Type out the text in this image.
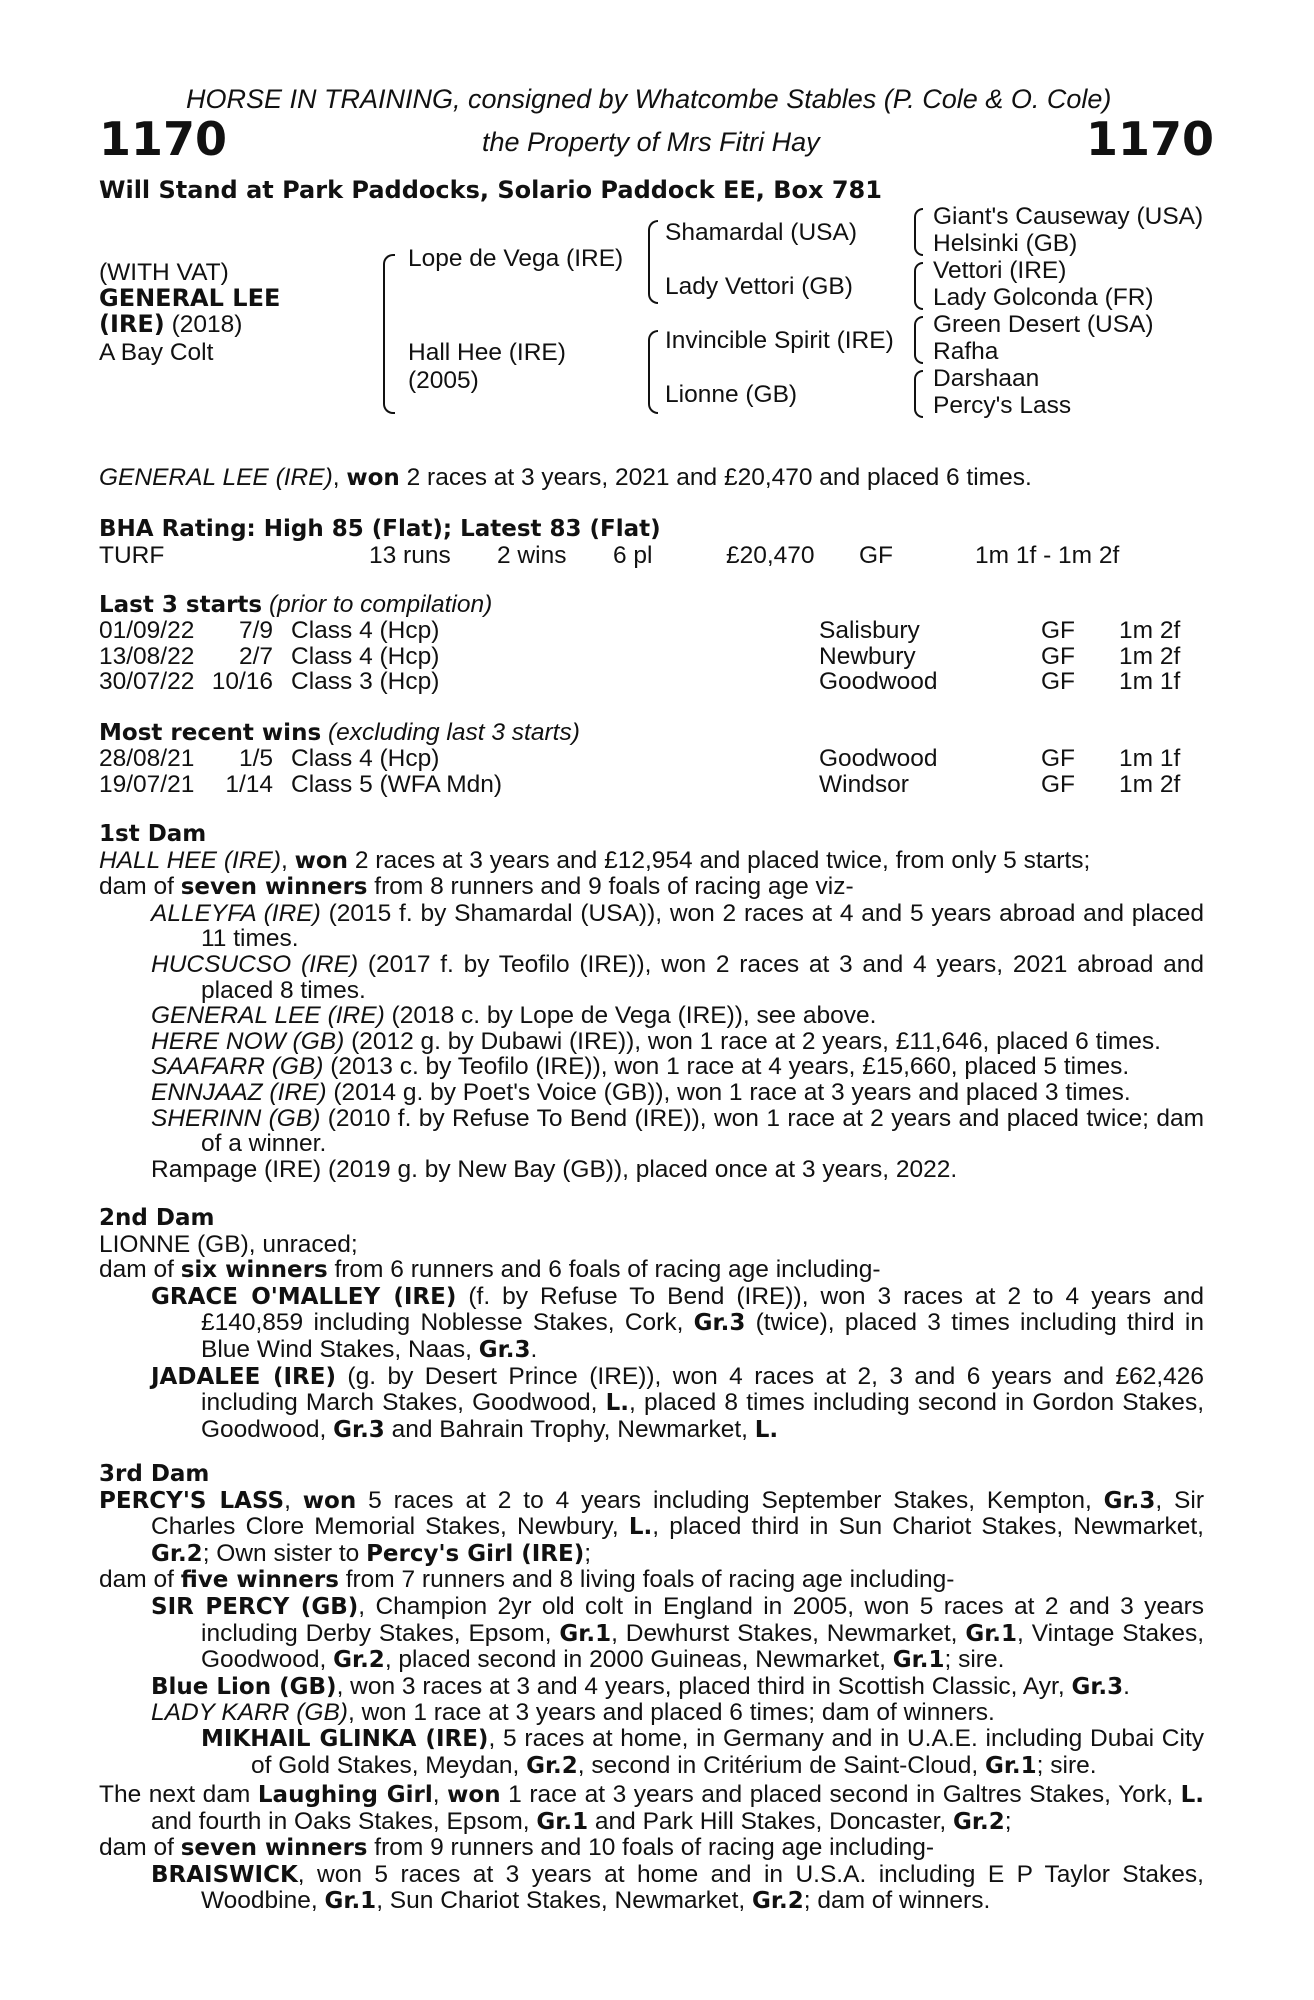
HORSE IN TRAINING, consigned by Whatcombe Stables (P. Cole & O. Cole)
1170	the Property of Mrs Fitri Hay	1170
Will Stand at Park Paddocks, Solario Paddock EE, Box 781
(WITH VAT)
GENERAL LEE
(IRE) (2018)
A Bay Colt
Lope de Vega (IRE)
Hall Hee (IRE)
(2005)
Shamardal (USA)
Lady Vettori (GB)
Invincible Spirit (IRE)
Lionne (GB)
Giant's Causeway (USA)
Helsinki (GB)
Vettori (IRE)
Lady Golconda (FR)
Green Desert (USA)
Rafha
Darshaan
Percy's Lass
GENERAL LEE (IRE), won 2 races at 3 years, 2021 and £20,470 and placed 6 times.
BHA Rating: High 85 (Flat); Latest 83 (Flat)
TURF	13 runs 2 wins 6 pl	£20,470 GF	1m 1f - 1m 2f
Last 3 starts (prior to compilation)
01/09/22 7/9 Class 4 (Hcp)	Salisbury	GF 1m 2f
13/08/22 2/7 Class 4 (Hcp)	Newbury	GF 1m 2f
30/07/22 10/16 Class 3 (Hcp)	Goodwood	GF 1m 1f
Most recent wins (excluding last 3 starts)
28/08/21 1/5 Class 4 (Hcp)	Goodwood	GF 1m 1f
19/07/21 1/14 Class 5 (WFA Mdn)	Windsor	GF 1m 2f
1st Dam
HALL HEE (IRE), won 2 races at 3 years and £12,954 and placed twice, from only 5 starts;
dam of seven winners from 8 runners and 9 foals of racing age viz-
ALLEYFA (IRE) (2015 f. by Shamardal (USA)), won 2 races at 4 and 5 years abroad and placed 11 times.
HUCSUCSO (IRE) (2017 f. by Teofilo (IRE)), won 2 races at 3 and 4 years, 2021 abroad and placed 8 times.
GENERAL LEE (IRE) (2018 c. by Lope de Vega (IRE)), see above.
HERE NOW (GB) (2012 g. by Dubawi (IRE)), won 1 race at 2 years, £11,646, placed 6 times.
SAAFARR (GB) (2013 c. by Teofilo (IRE)), won 1 race at 4 years, £15,660, placed 5 times.
ENNJAAZ (IRE) (2014 g. by Poet's Voice (GB)), won 1 race at 3 years and placed 3 times.
SHERINN (GB) (2010 f. by Refuse To Bend (IRE)), won 1 race at 2 years and placed twice; dam of a winner.
Rampage (IRE) (2019 g. by New Bay (GB)), placed once at 3 years, 2022.
2nd Dam
LIONNE (GB), unraced;
dam of six winners from 6 runners and 6 foals of racing age including-
GRACE O'MALLEY (IRE) (f. by Refuse To Bend (IRE)), won 3 races at 2 to 4 years and £140,859 including Noblesse Stakes, Cork, Gr.3 (twice), placed 3 times including third in Blue Wind Stakes, Naas, Gr.3.
JADALEE (IRE) (g. by Desert Prince (IRE)), won 4 races at 2, 3 and 6 years and £62,426 including March Stakes, Goodwood, L., placed 8 times including second in Gordon Stakes, Goodwood, Gr.3 and Bahrain Trophy, Newmarket, L.
3rd Dam
PERCY'S LASS, won 5 races at 2 to 4 years including September Stakes, Kempton, Gr.3, Sir Charles Clore Memorial Stakes, Newbury, L., placed third in Sun Chariot Stakes, Newmarket, Gr.2; Own sister to Percy's Girl (IRE);
dam of five winners from 7 runners and 8 living foals of racing age including-
SIR PERCY (GB), Champion 2yr old colt in England in 2005, won 5 races at 2 and 3 years including Derby Stakes, Epsom, Gr.1, Dewhurst Stakes, Newmarket, Gr.1, Vintage Stakes, Goodwood, Gr.2, placed second in 2000 Guineas, Newmarket, Gr.1; sire.
Blue Lion (GB), won 3 races at 3 and 4 years, placed third in Scottish Classic, Ayr, Gr.3.
LADY KARR (GB), won 1 race at 3 years and placed 6 times; dam of winners.
MIKHAIL GLINKA (IRE), 5 races at home, in Germany and in U.A.E. including Dubai City of Gold Stakes, Meydan, Gr.2, second in Critérium de Saint-Cloud, Gr.1; sire.
The next dam Laughing Girl, won 1 race at 3 years and placed second in Galtres Stakes, York, L. and fourth in Oaks Stakes, Epsom, Gr.1 and Park Hill Stakes, Doncaster, Gr.2;
dam of seven winners from 9 runners and 10 foals of racing age including-
BRAISWICK, won 5 races at 3 years at home and in U.S.A. including E P Taylor Stakes, Woodbine, Gr.1, Sun Chariot Stakes, Newmarket, Gr.2; dam of winners.
